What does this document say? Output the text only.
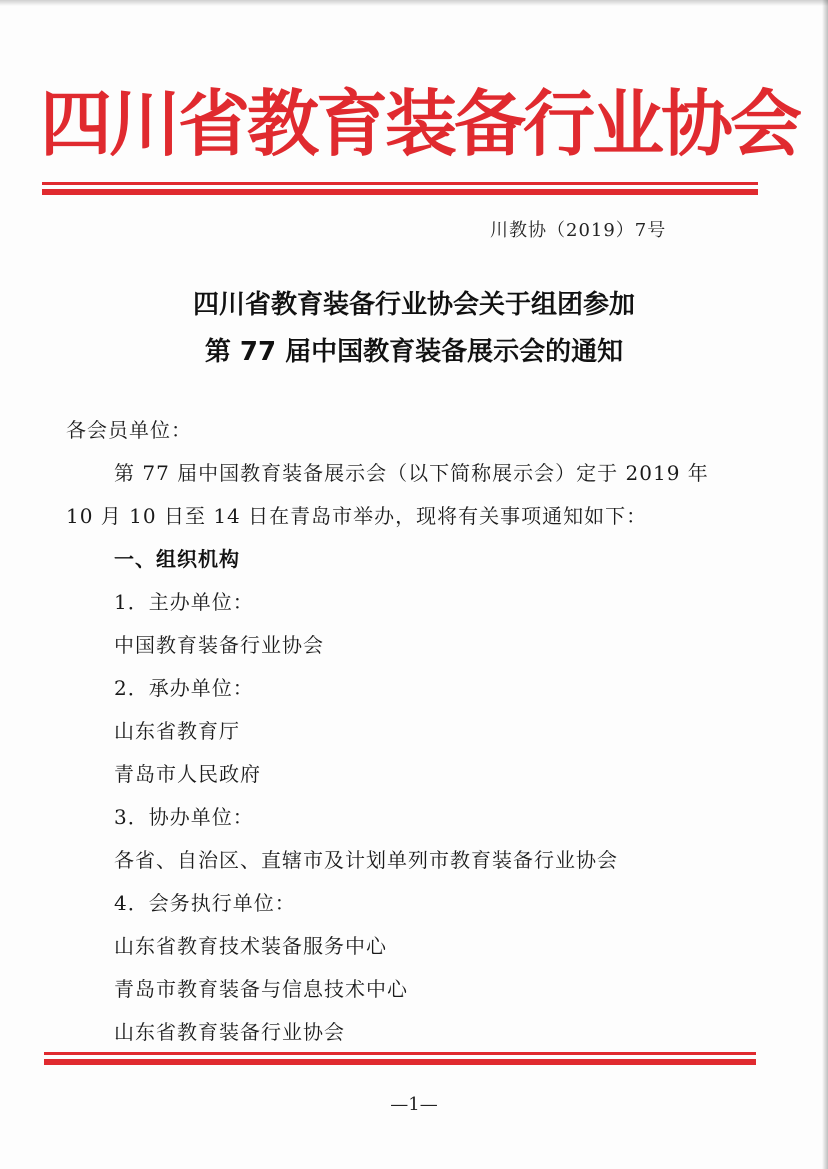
四川省教育装备行业协会
川教协（2019）7号
四川省教育装备行业协会关于组团参加
第 77 届中国教育装备展示会的通知
各会员单位：
第 77 届中国教育装备展示会（以下简称展示会）定于 2019 年
10 月 10 日至 14 日在青岛市举办，现将有关事项通知如下：
一、组织机构
1．主办单位：
中国教育装备行业协会
2．承办单位：
山东省教育厅
青岛市人民政府
3．协办单位：
各省、自治区、直辖市及计划单列市教育装备行业协会
4．会务执行单位：
山东省教育技术装备服务中心
青岛市教育装备与信息技术中心
山东省教育装备行业协会
—1—
